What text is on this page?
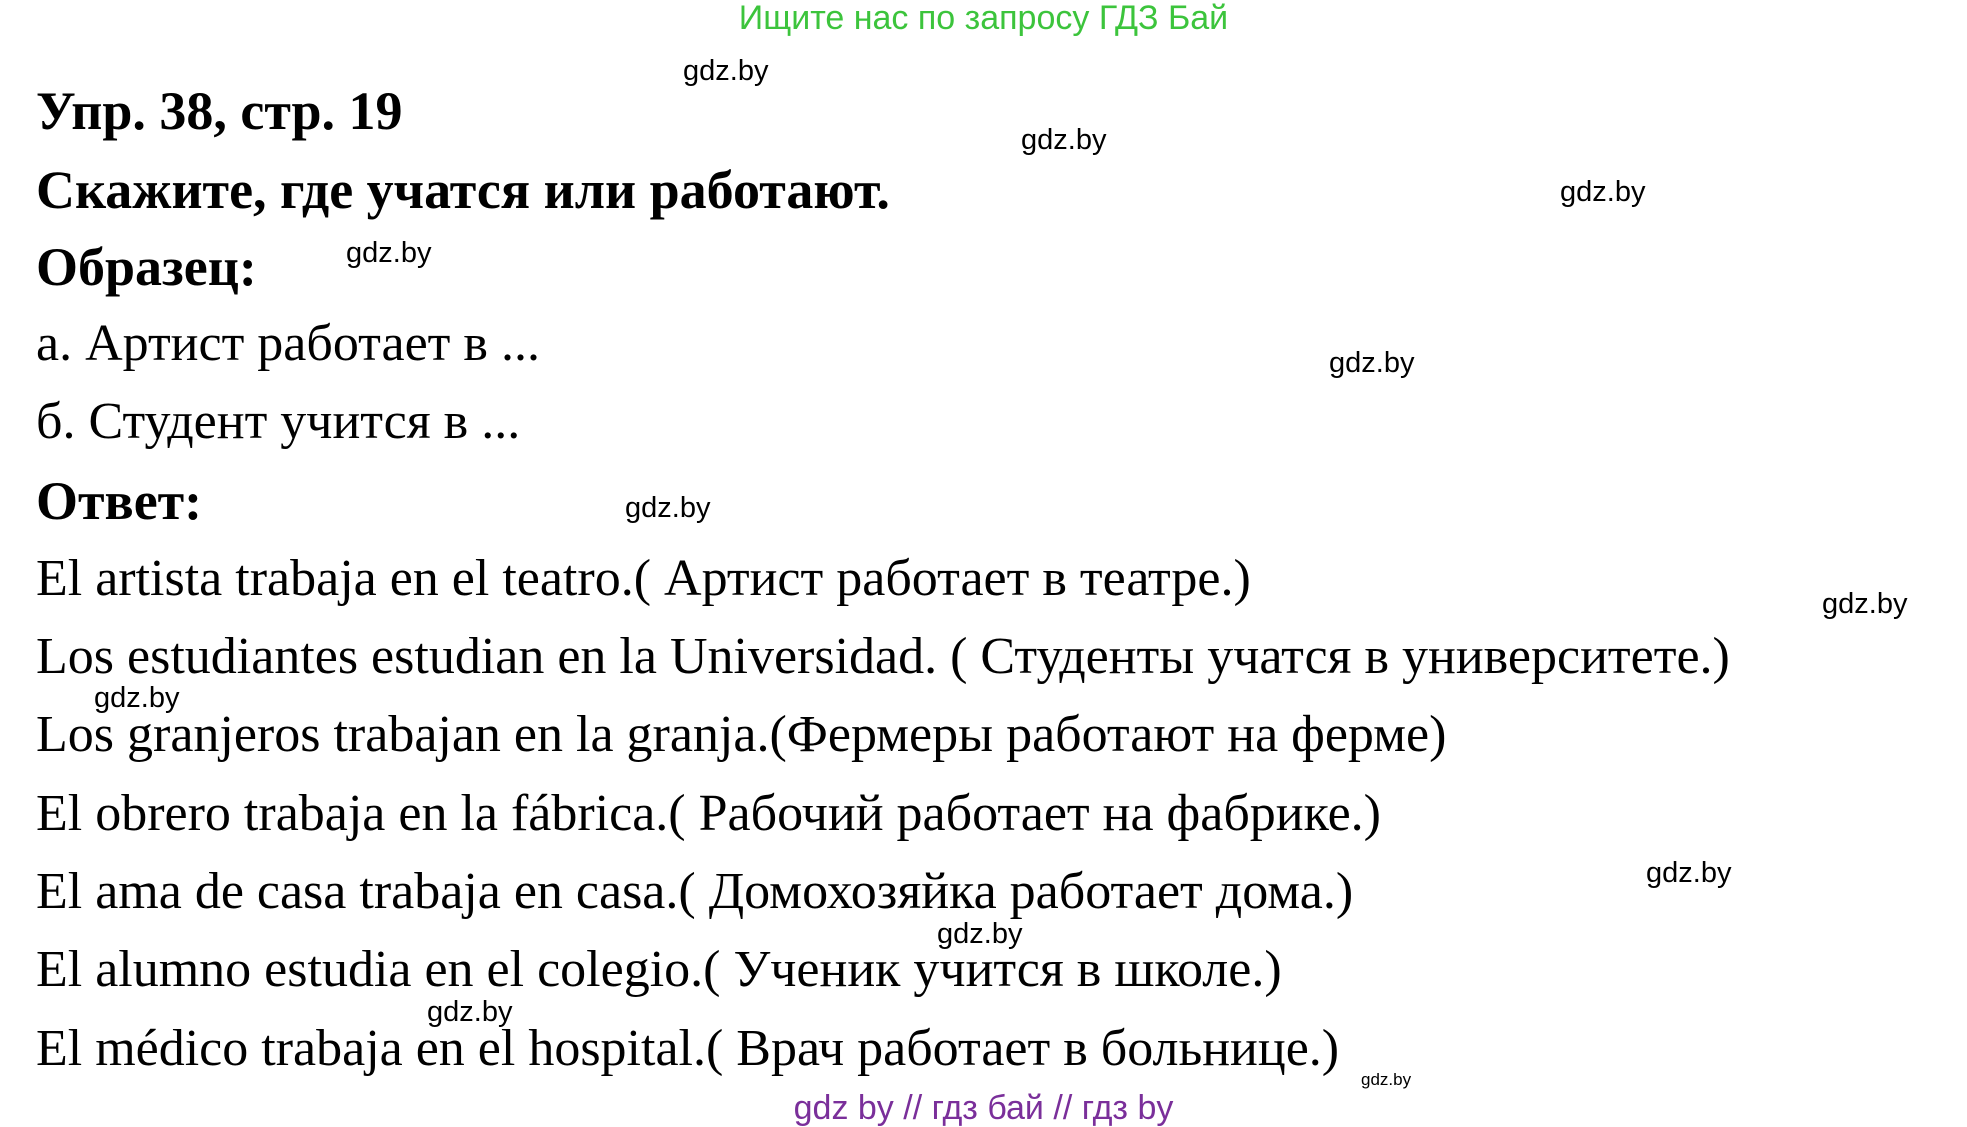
Ищите нас по запросу ГДЗ Бай
Упр. 38, стр. 19
Скажите, где учатся или работают.
Образец:
а. Артист работает в ...
б. Студент учится в ...
Ответ:
El artista trabaja en el teatro.( Артист работает в театре.)
Los estudiantes estudian en la Universidad. ( Студенты учатся в университете.)
Los granjeros trabajan en la granja.(Фермеры работают на ферме)
El obrero trabaja en la fábrica.( Рабочий работает на фабрике.)
El ama de casa trabaja en casa.( Домохозяйка работает дома.)
El alumno estudia en el colegio.( Ученик учится в школе.)
El médico trabaja en el hospital.( Врач работает в больнице.)
gdz.by
gdz.by
gdz.by
gdz.by
gdz.by
gdz.by
gdz.by
gdz.by
gdz.by
gdz.by
gdz.by
gdz.by
gdz by // гдз бай // гдз by
